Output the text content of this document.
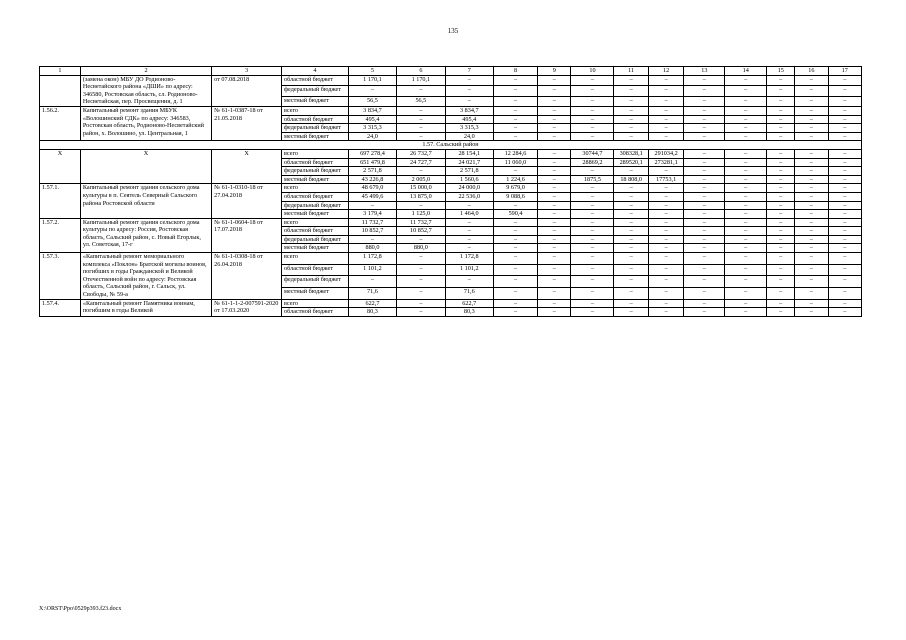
135
1	2	3	4	5	6	7	8	9	10	11	12	13	14	15	16	17
	(замена окон) МБУ ДО Родионово-Несветайского района «ДШИ» по адресу: 346580, Ростовская область, сл. Родионово-Несветайская, пер. Просвещения, д. 1	от 07.08.2018	областной бюджет	1 170,1	1 170,1	–	–	–	–	–	–	–	–	–	–	–
			федеральный бюджет	–	–	–	–	–	–	–	–	–	–	–	–	–
			местный бюджет	56,5	56,5	–	–	–	–	–	–	–	–	–	–	–
1.56.2.	Капитальный ремонт здания МБУК «Волошинский СДК» по адресу: 346583, Ростовская область, Родионово-Несветайский район, х. Волошино, ул. Центральная, 1	№ 61-1-0387-18 от 21.05.2018	всего	3 834,7	–	3 834,7	–	–	–	–	–	–	–	–	–	–
			областной бюджет	495,4	–	495,4	–	–	–	–	–	–	–	–	–	–
			федеральный бюджет	3 315,3	–	3 315,3	–	–	–	–	–	–	–	–	–	–
			местный бюджет	24,0	–	24,0	–	–	–	–	–	–	–	–	–	–
1.57. Сальский район																
Х	Х	Х	всего	697 278,4	26 732,7	28 154,1	12 284,6	–	30744,7	308328,1	291034,2	–	–	–	–	–
			областной бюджет	651 479,8	24 727,7	24 021,7	11 060,0	–	28869,2	289520,1	273281,1	–	–	–	–	–
			федеральный бюджет	2 571,8	–	2 571,8	–	–	–	–	–	–	–	–	–	–
			местный бюджет	43 226,8	2 005,0	1 560,6	1 224,6	–	1875,5	18 808,0	17753,1	–	–	–	–	–
1.57.1.	Капитальный ремонт здания сельского дома культуры в п. Сеятель Северный Сальского района Ростовской области	№ 61-1-0310-18 от 27.04.2018	всего	48 679,0	15 000,0	24 000,0	9 679,0	–	–	–	–	–	–	–	–	–
			областной бюджет	45 499,6	13 875,0	22 536,0	9 088,6	–	–	–	–	–	–	–	–	–
			федеральный бюджет	–	–	–	–	–	–	–	–	–	–	–	–	–
			местный бюджет	3 179,4	1 125,0	1 464,0	590,4	–	–	–	–	–	–	–	–	–
1.57.2.	Капитальный ремонт здания сельского дома культуры по адресу: Россия, Ростовская область, Сальский район, с. Новый Егорлык, ул. Советская, 17-г	№ 61-1-0604-18 от 17.07.2018	всего	11 732,7	11 732,7	–	–	–	–	–	–	–	–	–	–	–
			областной бюджет	10 852,7	10 852,7	–	–	–	–	–	–	–	–	–	–	–
			федеральный бюджет	–	–	–	–	–	–	–	–	–	–	–	–	–
			местный бюджет	880,0	880,0	–	–	–	–	–	–	–	–	–	–	–
1.57.3.	«Капитальный ремонт мемориального комплекса «Поклон» Братской могилы воинов, погибших в годы Гражданской и Великой Отечественной войн по адресу: Ростовская область, Сальский район, г. Сальск, ул. Свободы, № 59-а	№ 61-1-0308-18 от 26.04.2018	всего	1 172,8	–	1 172,8	–	–	–	–	–	–	–	–	–	–
			областной бюджет	1 101,2	–	1 101,2	–	–	–	–	–	–	–	–	–	–
			федеральный бюджет	–	–	–	–	–	–	–	–	–	–	–	–	–
			местный бюджет	71,6	–	71,6	–	–	–	–	–	–	–	–	–	–
1.57.4.	«Капитальный ремонт Памятника воинам, погибшим в годы Великой	№ 61-1-1-2-007591-2020 от 17.03.2020	всего	622,7	–	622,7	–	–	–	–	–	–	–	–	–	–
			областной бюджет	80,3	–	80,3	–	–	–	–	–	–	–	–	–	–
X:\ORST\Ppo\0529p393.f23.docx
